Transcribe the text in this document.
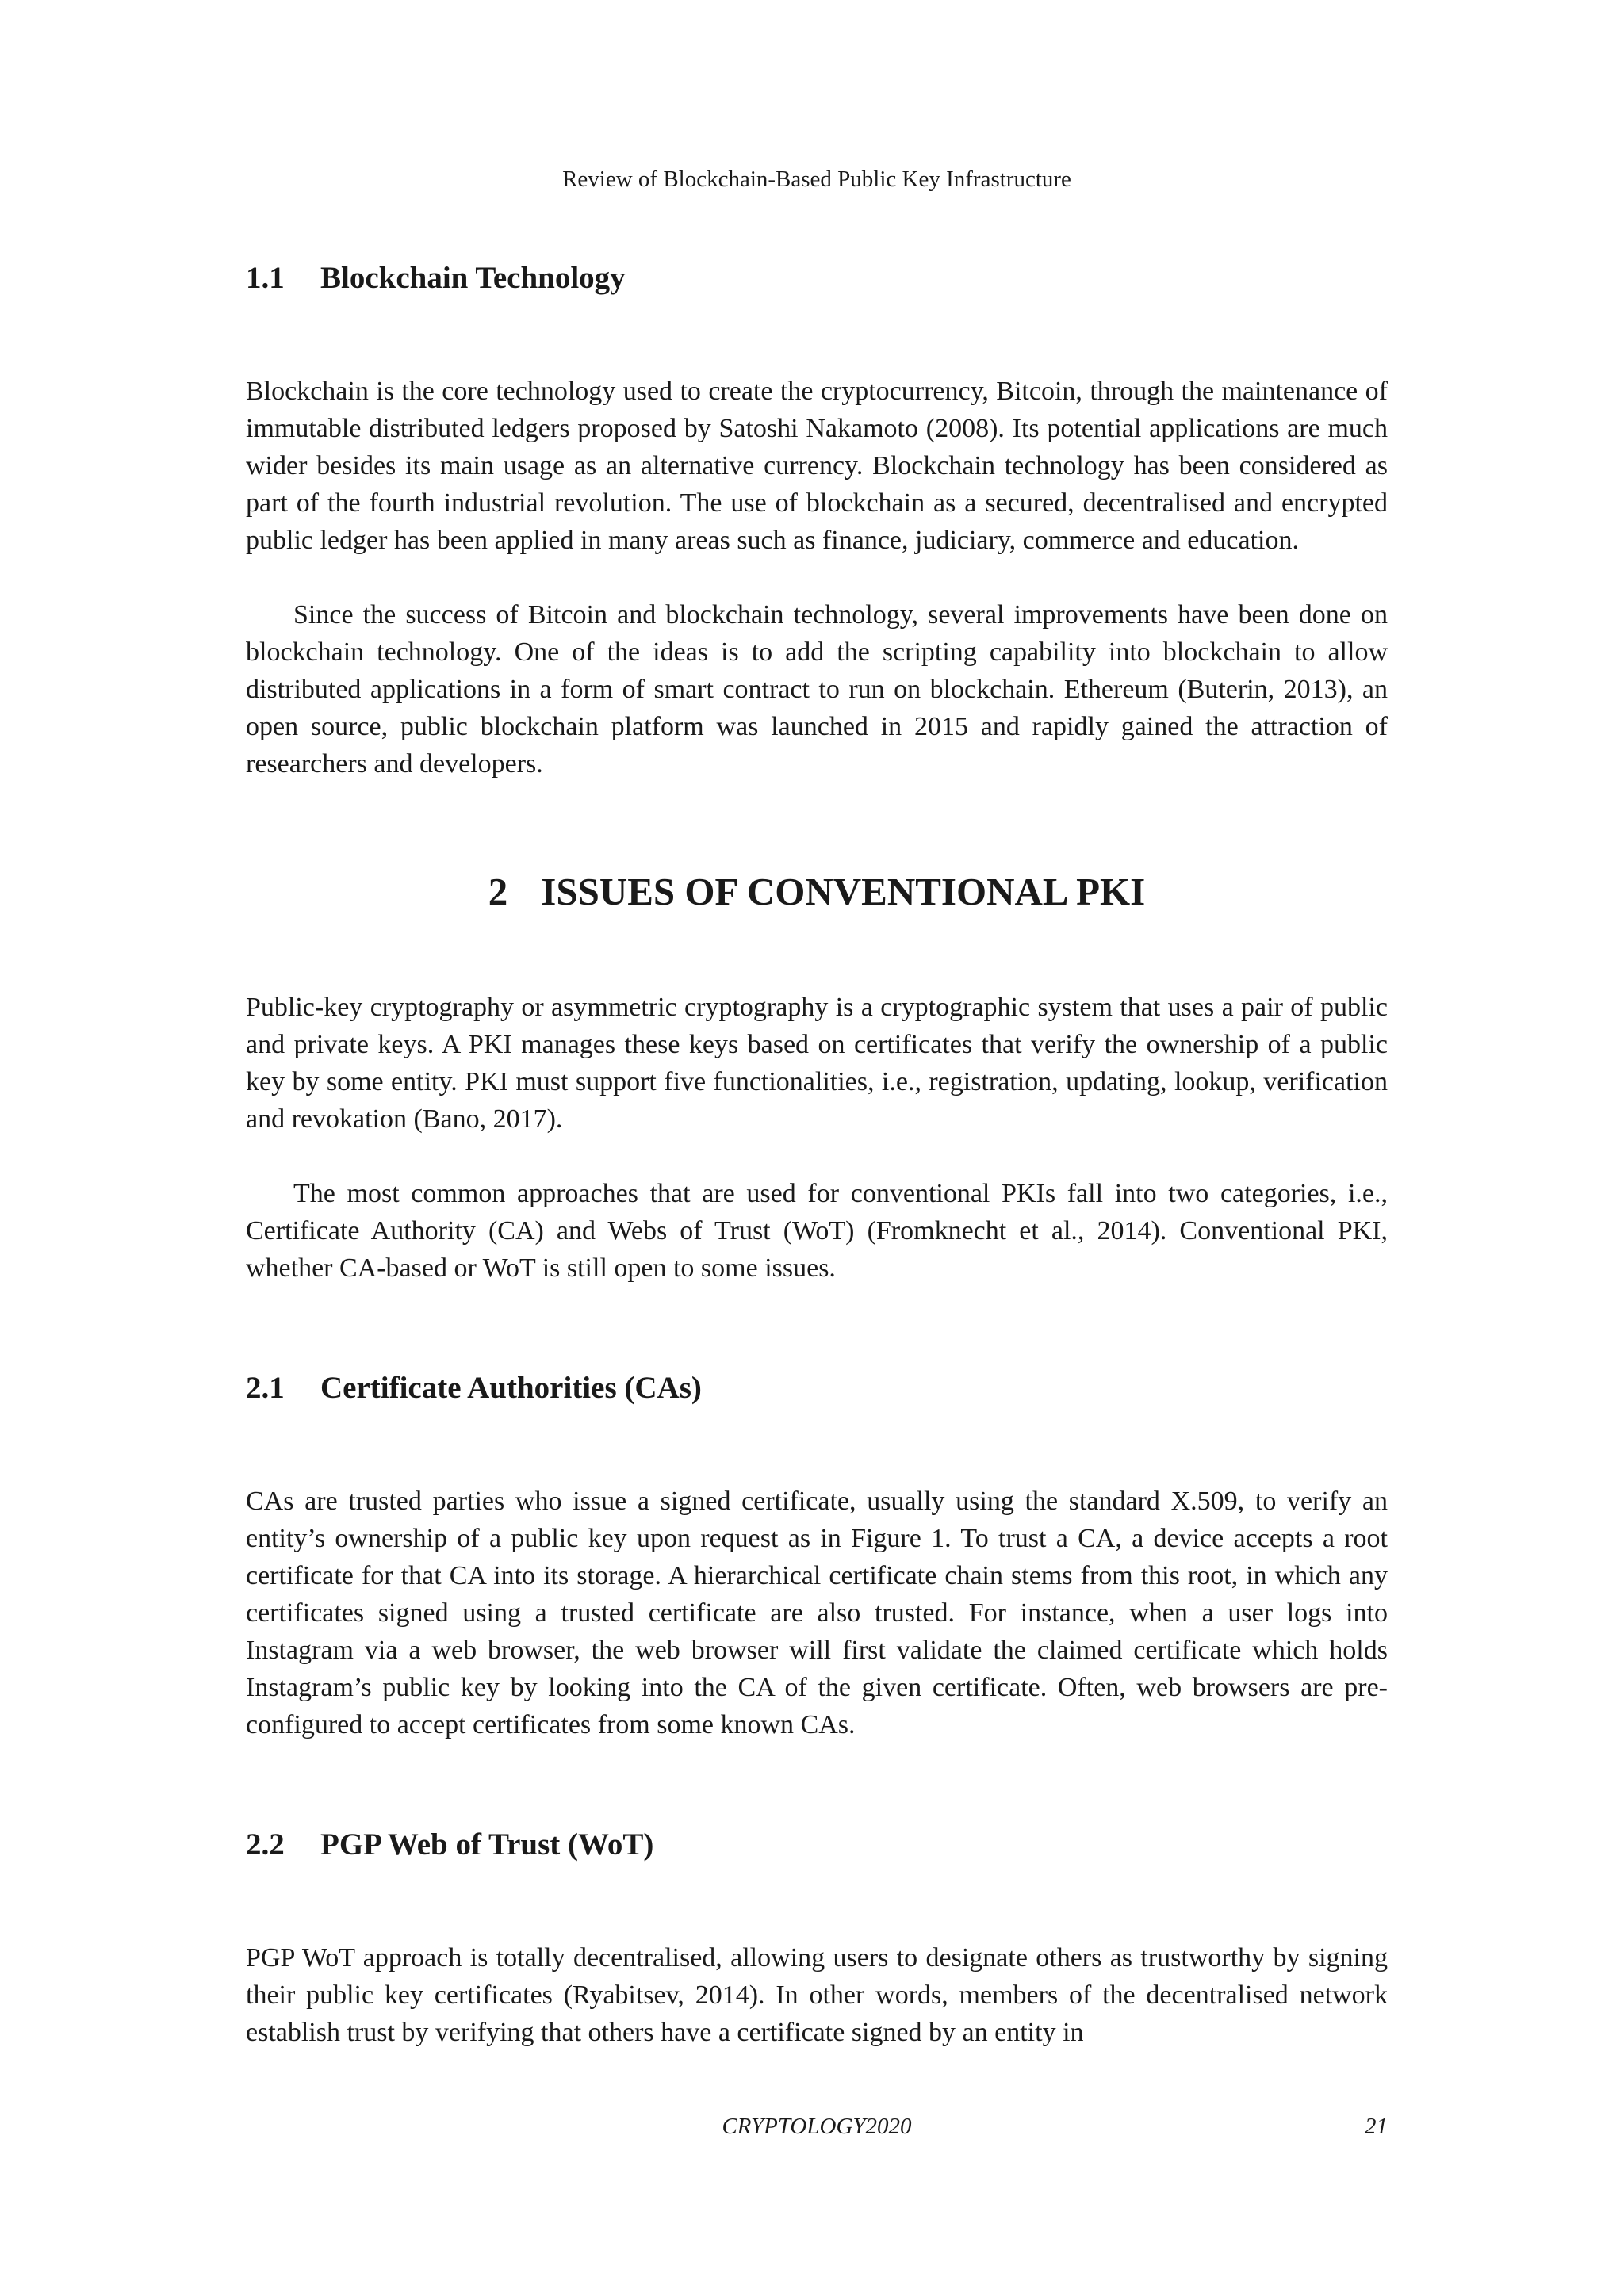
Review of Blockchain-Based Public Key Infrastructure
1.1 Blockchain Technology

Blockchain is the core technology used to create the cryptocurrency, Bitcoin, through the maintenance of immutable distributed ledgers proposed by Satoshi Nakamoto (2008). Its potential applications are much wider besides its main usage as an alternative currency. Blockchain technology has been considered as part of the fourth industrial revolution. The use of blockchain as a secured, decentralised and encrypted public ledger has been applied in many areas such as finance, judiciary, commerce and education.

Since the success of Bitcoin and blockchain technology, several improvements have been done on blockchain technology. One of the ideas is to add the scripting capability into blockchain to allow distributed applications in a form of smart contract to run on blockchain. Ethereum (Buterin, 2013), an open source, public blockchain platform was launched in 2015 and rapidly gained the attraction of researchers and developers.

2 ISSUES OF CONVENTIONAL PKI

Public-key cryptography or asymmetric cryptography is a cryptographic system that uses a pair of public and private keys. A PKI manages these keys based on certificates that verify the ownership of a public key by some entity. PKI must support five functionalities, i.e., registration, updating, lookup, verification and revokation (Bano, 2017).

The most common approaches that are used for conventional PKIs fall into two categories, i.e., Certificate Authority (CA) and Webs of Trust (WoT) (Fromknecht et al., 2014). Conventional PKI, whether CA-based or WoT is still open to some issues.

2.1 Certificate Authorities (CAs)

CAs are trusted parties who issue a signed certificate, usually using the standard X.509, to verify an entity’s ownership of a public key upon request as in Figure 1. To trust a CA, a device accepts a root certificate for that CA into its storage. A hierarchical certificate chain stems from this root, in which any certificates signed using a trusted certificate are also trusted. For instance, when a user logs into Instagram via a web browser, the web browser will first validate the claimed certificate which holds Instagram’s public key by looking into the CA of the given certificate. Often, web browsers are pre-configured to accept certificates from some known CAs.

2.2 PGP Web of Trust (WoT)

PGP WoT approach is totally decentralised, allowing users to designate others as trustworthy by signing their public key certificates (Ryabitsev, 2014). In other words, members of the decentralised network establish trust by verifying that others have a certificate signed by an entity in

CRYPTOLOGY2020	21
